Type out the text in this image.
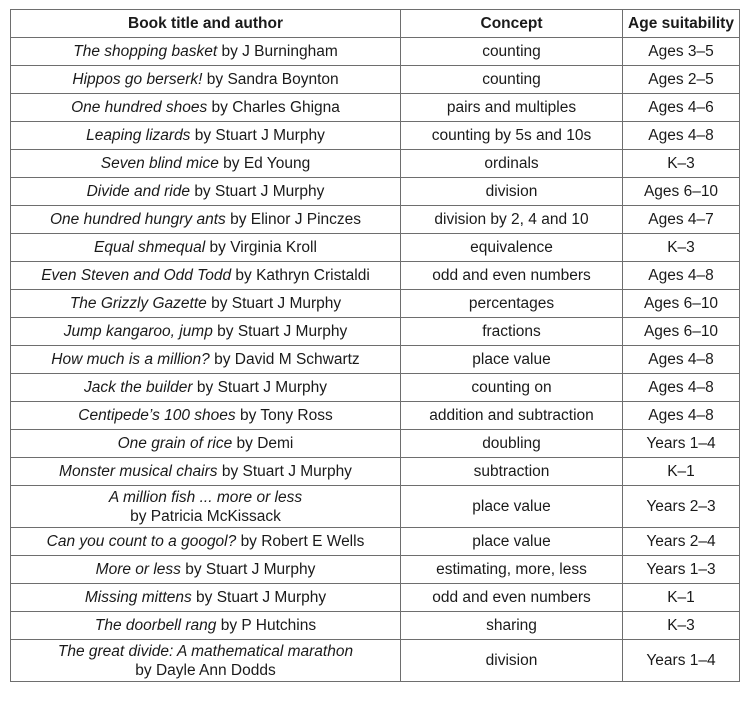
Book title and author	Concept	Age suitability
The shopping basket by J Burningham	counting	Ages 3–5
Hippos go berserk! by Sandra Boynton	counting	Ages 2–5
One hundred shoes by Charles Ghigna	pairs and multiples	Ages 4–6
Leaping lizards by Stuart J Murphy	counting by 5s and 10s	Ages 4–8
Seven blind mice by Ed Young	ordinals	K–3
Divide and ride by Stuart J Murphy	division	Ages 6–10
One hundred hungry ants by Elinor J Pinczes	division by 2, 4 and 10	Ages 4–7
Equal shmequal by Virginia Kroll	equivalence	K–3
Even Steven and Odd Todd by Kathryn Cristaldi	odd and even numbers	Ages 4–8
The Grizzly Gazette by Stuart J Murphy	percentages	Ages 6–10
Jump kangaroo, jump by Stuart J Murphy	fractions	Ages 6–10
How much is a million? by David M Schwartz	place value	Ages 4–8
Jack the builder by Stuart J Murphy	counting on	Ages 4–8
Centipede’s 100 shoes by Tony Ross	addition and subtraction	Ages 4–8
One grain of rice by Demi	doubling	Years 1–4
Monster musical chairs by Stuart J Murphy	subtraction	K–1
A million fish ... more or less
by Patricia McKissack	place value	Years 2–3
Can you count to a googol? by Robert E Wells	place value	Years 2–4
More or less by Stuart J Murphy	estimating, more, less	Years 1–3
Missing mittens by Stuart J Murphy	odd and even numbers	K–1
The doorbell rang by P Hutchins	sharing	K–3
The great divide: A mathematical marathon
by Dayle Ann Dodds	division	Years 1–4
